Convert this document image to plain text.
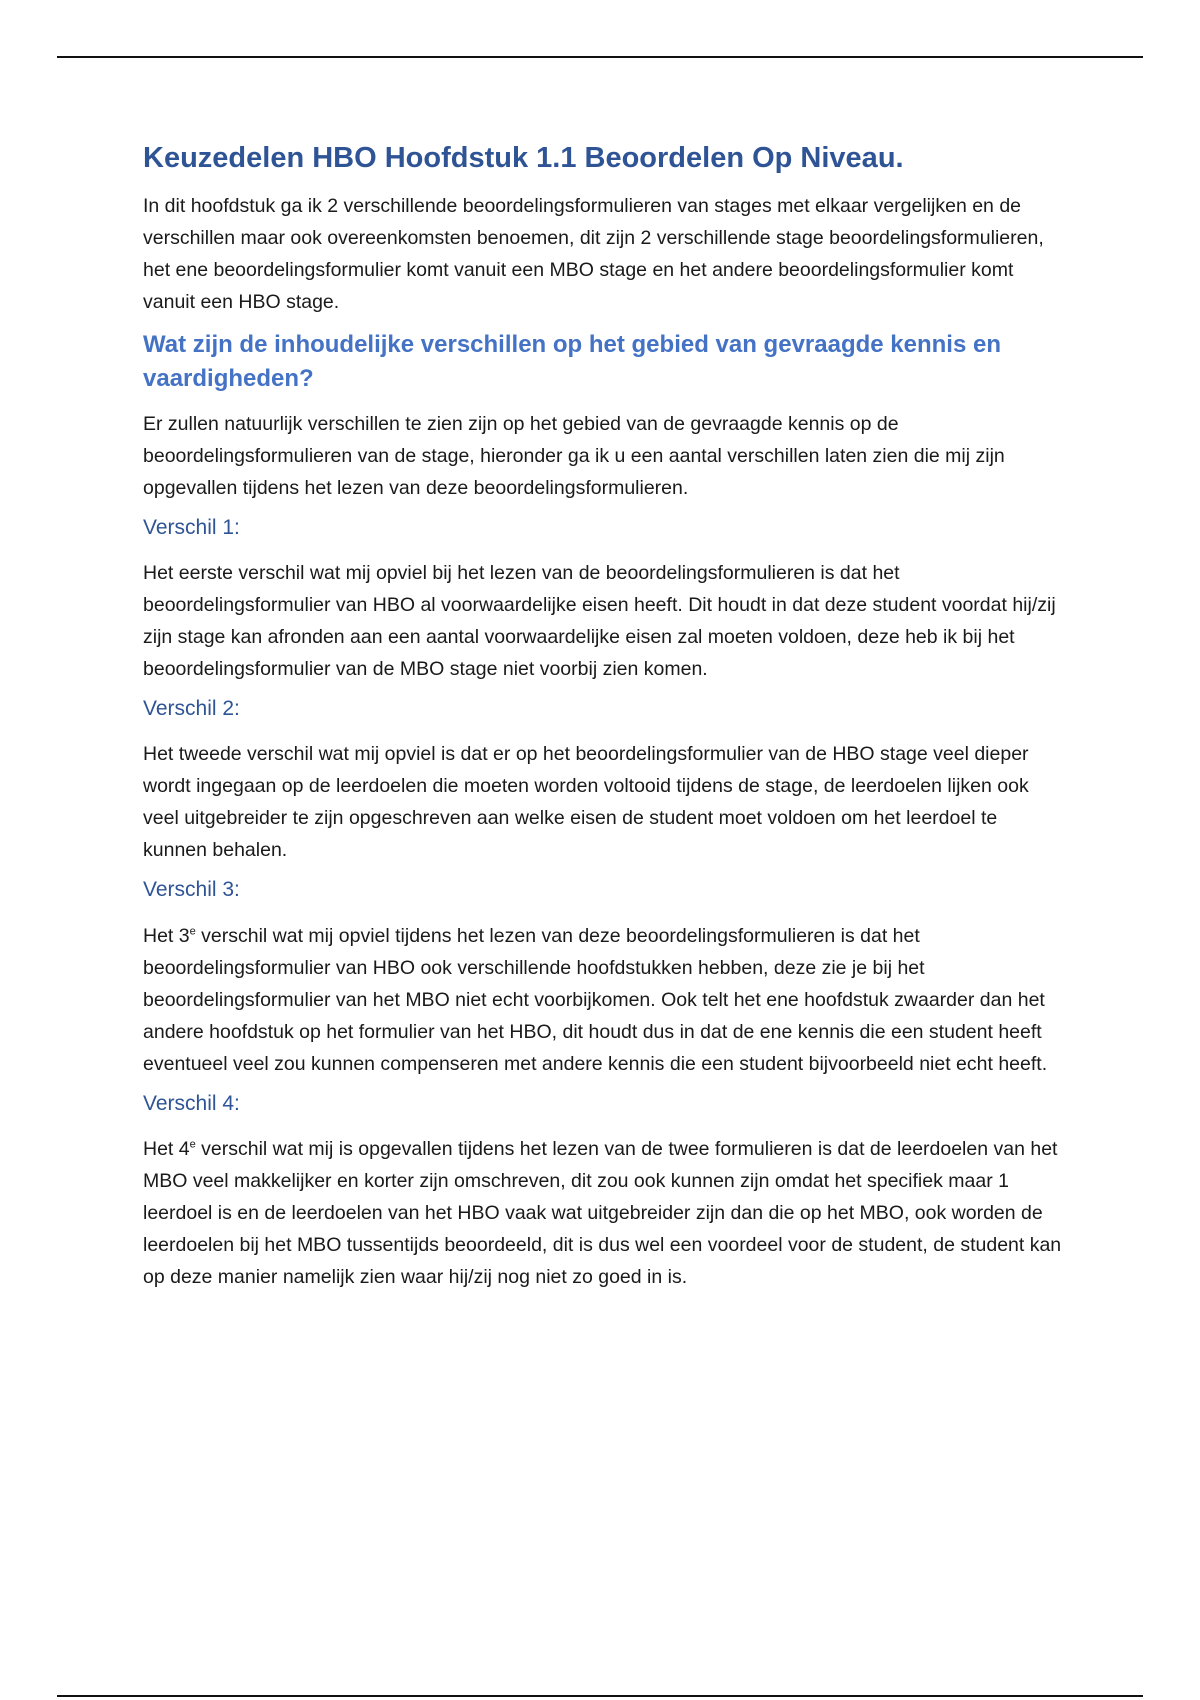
Keuzedelen HBO Hoofdstuk 1.1 Beoordelen Op Niveau.

In dit hoofdstuk ga ik 2 verschillende beoordelingsformulieren van stages met elkaar vergelijken en de verschillen maar ook overeenkomsten benoemen, dit zijn 2 verschillende stage beoordelingsformulieren, het ene beoordelingsformulier komt vanuit een MBO stage en het andere beoordelingsformulier komt vanuit een HBO stage.

Wat zijn de inhoudelijke verschillen op het gebied van gevraagde kennis en vaardigheden?

Er zullen natuurlijk verschillen te zien zijn op het gebied van de gevraagde kennis op de beoordelingsformulieren van de stage, hieronder ga ik u een aantal verschillen laten zien die mij zijn opgevallen tijdens het lezen van deze beoordelingsformulieren.

Verschil 1:

Het eerste verschil wat mij opviel bij het lezen van de beoordelingsformulieren is dat het beoordelingsformulier van HBO al voorwaardelijke eisen heeft. Dit houdt in dat deze student voordat hij/zij zijn stage kan afronden aan een aantal voorwaardelijke eisen zal moeten voldoen, deze heb ik bij het beoordelingsformulier van de MBO stage niet voorbij zien komen.

Verschil 2:

Het tweede verschil wat mij opviel is dat er op het beoordelingsformulier van de HBO stage veel dieper wordt ingegaan op de leerdoelen die moeten worden voltooid tijdens de stage, de leerdoelen lijken ook veel uitgebreider te zijn opgeschreven aan welke eisen de student moet voldoen om het leerdoel te kunnen behalen.

Verschil 3:

Het 3e verschil wat mij opviel tijdens het lezen van deze beoordelingsformulieren is dat het beoordelingsformulier van HBO ook verschillende hoofdstukken hebben, deze zie je bij het beoordelingsformulier van het MBO niet echt voorbijkomen. Ook telt het ene hoofdstuk zwaarder dan het andere hoofdstuk op het formulier van het HBO, dit houdt dus in dat de ene kennis die een student heeft eventueel veel zou kunnen compenseren met andere kennis die een student bijvoorbeeld niet echt heeft.

Verschil 4:

Het 4e verschil wat mij is opgevallen tijdens het lezen van de twee formulieren is dat de leerdoelen van het MBO veel makkelijker en korter zijn omschreven, dit zou ook kunnen zijn omdat het specifiek maar 1 leerdoel is en de leerdoelen van het HBO vaak wat uitgebreider zijn dan die op het MBO, ook worden de leerdoelen bij het MBO tussentijds beoordeeld, dit is dus wel een voordeel voor de student, de student kan op deze manier namelijk zien waar hij/zij nog niet zo goed in is.
